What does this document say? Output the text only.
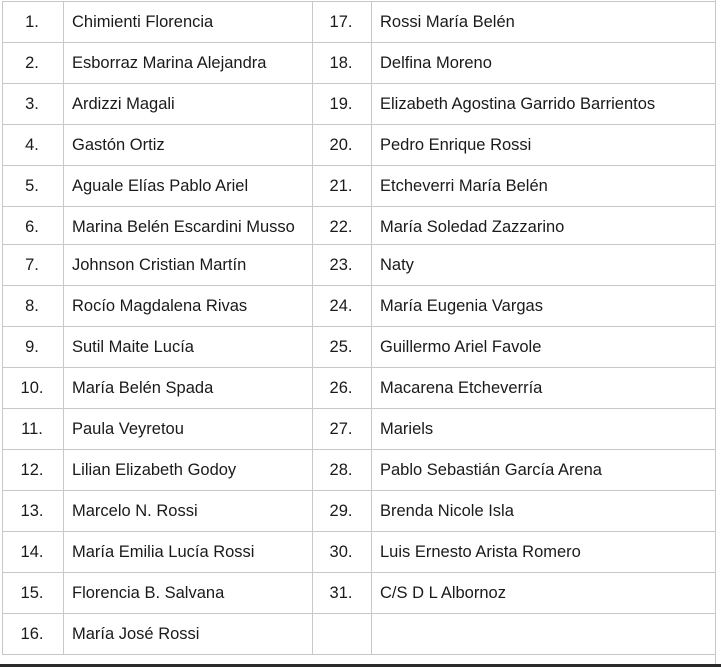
1.	Chimienti Florencia	17.	Rossi María Belén
2.	Esborraz Marina Alejandra	18.	Delfina Moreno
3.	Ardizzi Magali	19.	Elizabeth Agostina Garrido Barrientos
4.	Gastón Ortiz	20.	Pedro Enrique Rossi
5.	Aguale Elías Pablo Ariel	21.	Etcheverri María Belén
6.	Marina Belén Escardini Musso	22.	María Soledad Zazzarino
7.	Johnson Cristian Martín	23.	Naty
8.	Rocío Magdalena Rivas	24.	María Eugenia Vargas
9.	Sutil Maite Lucía	25.	Guillermo Ariel Favole
10.	María Belén Spada	26.	Macarena Etcheverría
11.	Paula Veyretou	27.	Mariels
12.	Lilian Elizabeth Godoy	28.	Pablo Sebastián García Arena
13.	Marcelo N. Rossi	29.	Brenda Nicole Isla
14.	María Emilia Lucía Rossi	30.	Luis Ernesto Arista Romero
15.	Florencia B. Salvana	31.	C/S D L Albornoz
16.	María José Rossi		
